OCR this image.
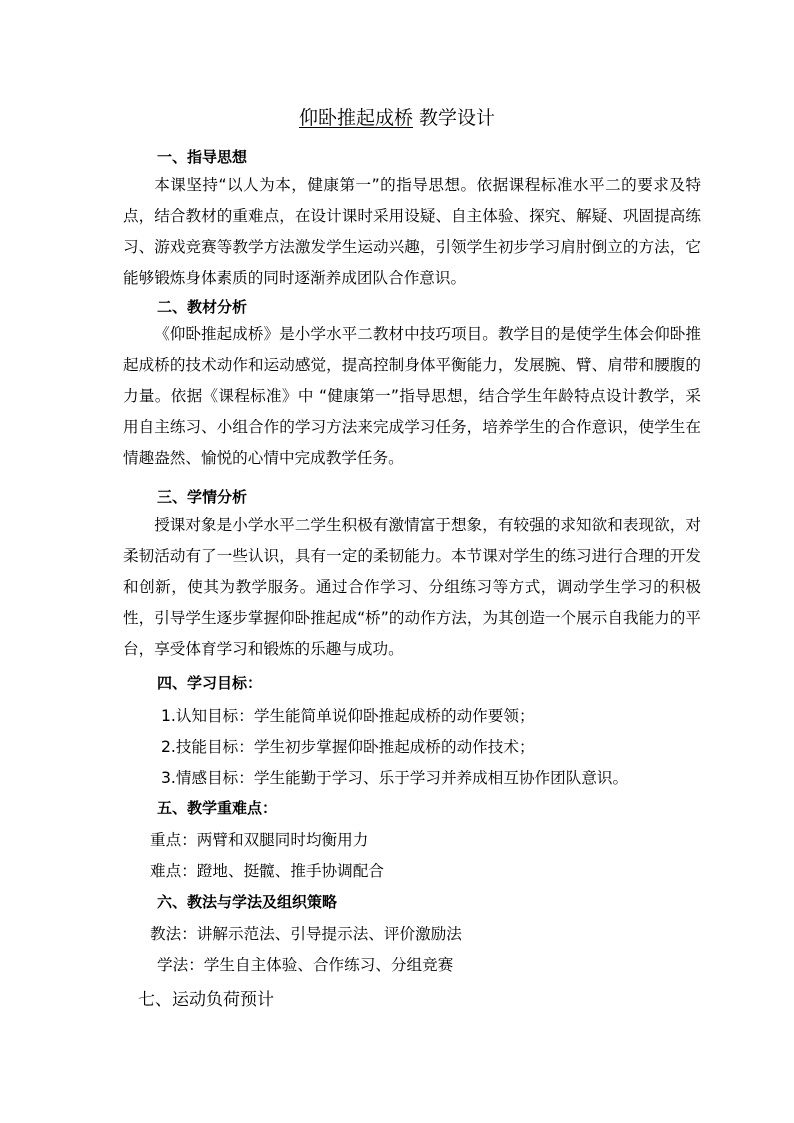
仰卧推起成桥 教学设计
一、指导思想

本课坚持“以人为本，健康第一”的指导思想。依据课程标准水平二的要求及特点，结合教材的重难点，在设计课时采用设疑、自主体验、探究、解疑、巩固提高练习、游戏竞赛等教学方法激发学生运动兴趣，引领学生初步学习肩肘倒立的方法，它能够锻炼身体素质的同时逐渐养成团队合作意识。

二、教材分析

《仰卧推起成桥》是小学水平二教材中技巧项目。教学目的是使学生体会仰卧推起成桥的技术动作和运动感觉，提高控制身体平衡能力，发展腕、臂、肩带和腰腹的力量。依据《课程标准》中 “健康第一”指导思想，结合学生年龄特点设计教学，采用自主练习、小组合作的学习方法来完成学习任务，培养学生的合作意识，使学生在情趣盎然、愉悦的心情中完成教学任务。

三、学情分析

授课对象是小学水平二学生积极有激情富于想象，有较强的求知欲和表现欲，对柔韧活动有了一些认识，具有一定的柔韧能力。本节课对学生的练习进行合理的开发和创新，使其为教学服务。通过合作学习、分组练习等方式，调动学生学习的积极性，引导学生逐步掌握仰卧推起成“桥”的动作方法，为其创造一个展示自我能力的平台，享受体育学习和锻炼的乐趣与成功。

四、学习目标：
1.认知目标：学生能简单说仰卧推起成桥的动作要领；
2.技能目标：学生初步掌握仰卧推起成桥的动作技术；
3.情感目标：学生能勤于学习、乐于学习并养成相互协作团队意识。
五、教学重难点：
重点：两臂和双腿同时均衡用力
难点：蹬地、挺髋、推手协调配合
六、教法与学法及组织策略
教法：讲解示范法、引导提示法、评价激励法
学法：学生自主体验、合作练习、分组竞赛
七、运动负荷预计
